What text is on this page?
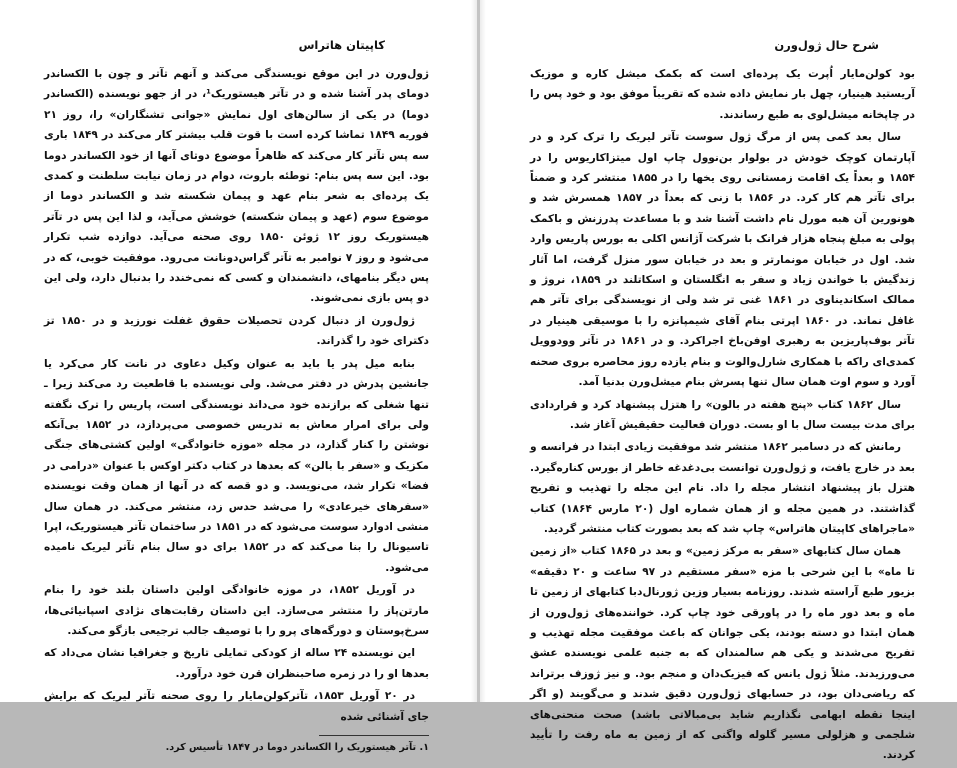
کاپیتان هاتراس

ژول‌ورن در این موقع نویسندگی می‌کند و آنهم تآتر و چون با الکساندر دومای پدر آشنا شده و در تآتر هیستوریک¹، در از جهو نویسنده (الکساندر دوما) در یکی از سالن‌های اول نمایش «جوانی تشنگاران» را، روز ۲۱ فوریه ۱۸۴۹ تماشا کرده است با قوت قلب بیشتر کار می‌کند در ۱۸۴۹ باری سه پس تآتر کار می‌کند که ظاهراً موضوع دوتای آنها از خود الکساندر دوما بود. این سه پس بنام: توطئه باروت، دوام در زمان نیابت سلطنت و کمدی یک پرده‌ای به شعر بنام عهد و پیمان شکسته شد و الکساندر دوما از موضوع سوم (عهد و پیمان شکسته) خوشش می‌آید، و لذا این پس در تآتر هیستوریک روز ۱۲ ژوئن ۱۸۵۰ روی صحنه می‌آید. دوازده شب تکرار می‌شود و روز ۷ نوامبر به تآتر گراس‌دونانت می‌رود. موفقیت خوبی، که در پس دیگر بنامهای، دانشمندان و کسی که نمی‌خندد را بدنبال دارد، ولی این دو پس بازی نمی‌شوند.

ژول‌ورن از دنبال کردن تحصیلات حقوق غفلت نورزید و در ۱۸۵۰ تز دکترای خود را گذراند.

بنابه میل پدر یا باید به عنوان وکیل دعاوی در نانت کار می‌کرد یا جانشین پدرش در دفتر می‌شد. ولی نویسنده با قاطعیت رد می‌کند زیرا ـ تنها شغلی که برازنده خود می‌داند نویسندگی است، پاریس را ترک نگفته ولی برای امرار معاش به تدریس خصوصی می‌پردازد، در ۱۸۵۲ بی‌آنکه نوشتن را کنار گذارد، در مجله «موزه خانوادگی» اولین کشتی‌های جنگی مکزیک و «سفر با بالن» که بعدها در کتاب دکتر اوکس با عنوان «درامی در فضا» تکرار شد، می‌نویسد. و دو قصه که در آنها از همان وقت نویسنده «سفرهای خیرعادی» را می‌شد حدس زد، منتشر می‌کند. در همان سال منشی ادوارد سوست می‌شود که در ۱۸۵۱ در ساختمان تآتر هیستوریک، اپرا تاسیونال را بنا می‌کند که در ۱۸۵۲ برای دو سال بنام تآتر لیریک نامیده می‌شود.

در آوریل ۱۸۵۲، در موزه خانوادگی اولین داستان بلند خود را بنام مارتن‌پاز را منتشر می‌سازد. این داستان رقابت‌های نژادی اسپانیائی‌ها، سرخ‌پوستان و دورگه‌های پرو را با توصیف جالب ترجیعی بازگو می‌کند.

این نویسنده ۲۴ ساله از کودکی تمایلی تاریخ و جغرافیا نشان می‌داد که بعدها او را در زمره صاحبنظران قرن خود درآورد.

در ۲۰ آوریل ۱۸۵۳، تآترکولن‌مایار را روی صحنه تآتر لیریک که برایش جای آشنائی شده

۱. تآتر هیستوریک را الکساندر دوما در ۱۸۴۷ تأسیس کرد.

شرح حال ژول‌ورن

بود کولن‌مایار اُپرت یک پرده‌ای است که بکمک میشل کاره و موزیک آریستید هینیار، چهل بار نمایش داده شده که تقریباً موفق بود و خود پس را در چاپخانه میشل‌لوی به طبع رساندند.

سال بعد کمی پس از مرگ ژول سوست تآتر لیریک را ترک کرد و در آپارتمان کوچک خودش در بولوار بن‌نوول چاپ اول میتزاکاریوس را در ۱۸۵۴ و بعداً یک اقامت زمستانی روی یخها را در ۱۸۵۵ منتشر کرد و ضمناً برای تآتر هم کار کرد. در ۱۸۵۶ با زنی که بعداً در ۱۸۵۷ همسرش شد و هونورین آن هبه مورل نام داشت آشنا شد و با مساعدت پدرزنش و باکمک پولی به مبلغ پنجاه هزار فرانک با شرکت آژانس اکلی به بورس پاریس وارد شد. اول در خیابان مونمارتر و بعد در خیابان سور منزل گرفت، اما آثار زندگیش با خواندن زیاد و سفر به انگلستان و اسکاتلند در ۱۸۵۹، نروژ و ممالک اسکاندیناوی در ۱۸۶۱ غنی تر شد ولی از نویسندگی برای تآتر هم غافل نماند. در ۱۸۶۰ اپرتی بنام آقای شیمپانزه را با موسیقی هینیار در تآتر بوف‌پاریزین به رهبری اوفن‌باخ اجراکرد. و در ۱۸۶۱ در تآتر وودوویل کمدی‌ای راکه با همکاری شارل‌والوت و بنام یازده روز محاصره بروی صحنه آورد و سوم اوت همان سال تنها پسرش بنام میشل‌ورن بدنیا آمد.

سال ۱۸۶۲ کتاب «پنج هفته در بالون» را هتزل پیشنهاد کرد و قراردادی برای مدت بیست سال با او بست. دوران فعالیت حقیقیش آغاز شد.

رمانش که در دسامبر ۱۸۶۲ منتشر شد موفقیت زیادی ابتدا در فرانسه و بعد در خارج یافت، و ژول‌ورن توانست بی‌دغدغه خاطر از بورس کناره‌گیرد. هتزل باز پیشنهاد انتشار مجله را داد. نام این مجله را تهذیب و تفریح گذاشتند. در همین مجله و از همان شماره اول (۲۰ مارس ۱۸۶۴) کتاب «ماجراهای کاپیتان هاتراس» چاپ شد که بعد بصورت کتاب منتشر گردید.

همان سال کتابهای «سفر به مرکز زمین» و بعد در ۱۸۶۵ کتاب «از زمین تا ماه» با این شرحی با مزه «سفر مستقیم در ۹۷ ساعت و ۲۰ دقیقه» بزیور طبع آراسته شدند. روزنامه بسیار وزین ژورنال‌دبا کتابهای از زمین تا ماه و بعد دور ماه را در پاورقی خود چاپ کرد. خواننده‌های ژول‌ورن از همان ابتدا دو دسته بودند، یکی جوانان که باعث موفقیت مجله تهذیب و تفریح می‌شدند و یکی هم سالمندان که به جنبه علمی نویسنده عشق می‌ورزیدند. مثلاً ژول یانس که فیزیک‌دان و منجم بود. و نیز ژوزف برتراند که ریاضی‌دان بود، در حسابهای ژول‌ورن دقیق شدند و می‌گویند (و اگر اینجا نقطه ابهامی نگذاریم شاید بی‌مبالاتی باشد) صحت منحنی‌های شلجمی و هزلولی مسیر گلوله واگنی که از زمین به ماه رفت را تأیید کردند.
